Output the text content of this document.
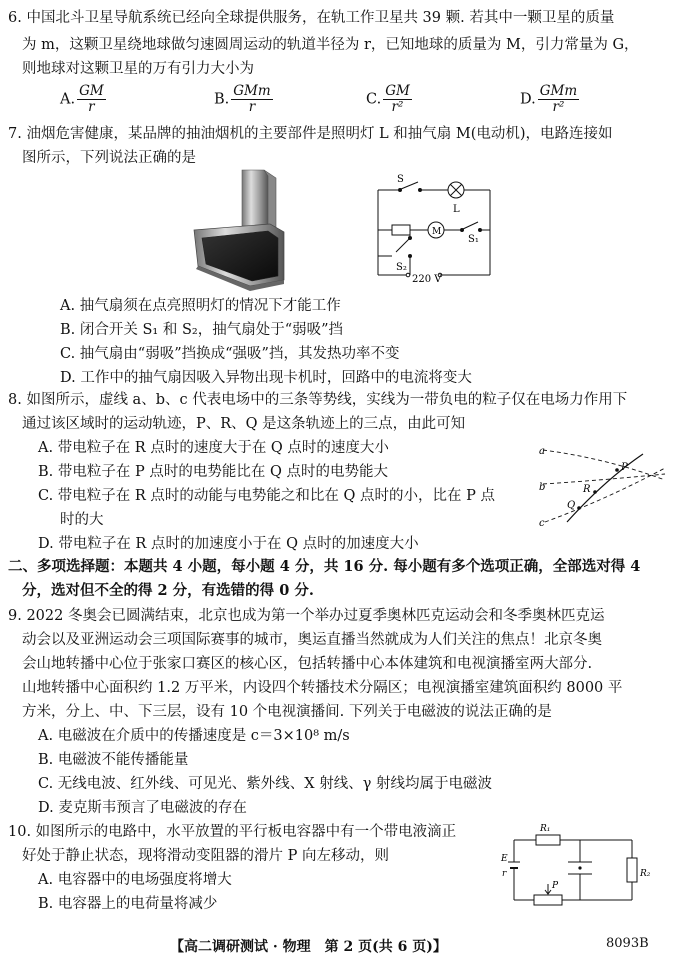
6. 中国北斗卫星导航系统已经向全球提供服务，在轨工作卫星共 39 颗. 若其中一颗卫星的质量
为 m，这颗卫星绕地球做匀速圆周运动的轨道半径为 r，已知地球的质量为 M，引力常量为 G，
则地球对这颗卫星的万有引力大小为
A. $\frac{GM}{r}$	B. $\frac{\text{GMm}}{r}$	C. $\frac{GM}{\text{r²}}$	D. $\frac{\text{GMm}}{\text{r²}}$
7. 油烟危害健康，某品牌的抽油烟机的主要部件是照明灯 L 和抽气扇 M(电动机)，电路连接如
图所示，下列说法正确的是
S
L
M
S₁
S₂
220 V
A. 抽气扇须在点亮照明灯的情况下才能工作
B. 闭合开关 S₁ 和 S₂，抽气扇处于“弱吸”挡
C. 抽气扇由“弱吸”挡换成“强吸”挡，其发热功率不变
D. 工作中的抽气扇因吸入异物出现卡机时，回路中的电流将变大
8. 如图所示，虚线 a、b、c 代表电场中的三条等势线，实线为一带负电的粒子仅在电场力作用下
通过该区域时的运动轨迹，P、R、Q 是这条轨迹上的三点，由此可知
A. 带电粒子在 R 点时的速度大于在 Q 点时的速度大小
B. 带电粒子在 P 点时的电势能比在 Q 点时的电势能大
C. 带电粒子在 R 点时的动能与电势能之和比在 Q 点时的小，比在 P 点
时的大
D. 带电粒子在 R 点时的加速度小于在 Q 点时的加速度大小
a
b
c
P
R
Q
二、多项选择题：本题共 4 小题，每小题 4 分，共 16 分. 每小题有多个选项正确，全部选对得 4
分，选对但不全的得 2 分，有选错的得 0 分.
9. 2022 冬奥会已圆满结束，北京也成为第一个举办过夏季奥林匹克运动会和冬季奥林匹克运
动会以及亚洲运动会三项国际赛事的城市，奥运直播当然就成为人们关注的焦点！北京冬奥
会山地转播中心位于张家口赛区的核心区，包括转播中心本体建筑和电视演播室两大部分.
山地转播中心面积约 1.2 万平米，内设四个转播技术分隔区；电视演播室建筑面积约 8000 平
方米，分上、中、下三层，设有 10 个电视演播间. 下列关于电磁波的说法正确的是
A. 电磁波在介质中的传播速度是 c＝3×10⁸ m/s
B. 电磁波不能传播能量
C. 无线电波、红外线、可见光、紫外线、X 射线、γ 射线均属于电磁波
D. 麦克斯韦预言了电磁波的存在
10. 如图所示的电路中，水平放置的平行板电容器中有一个带电液滴正
好处于静止状态，现将滑动变阻器的滑片 P 向左移动，则
A. 电容器中的电场强度将增大
B. 电容器上的电荷量将减少
R₁
R₂
P
E
r
【高二调研测试 · 物理　第 2 页(共 6 页)】	8093B
